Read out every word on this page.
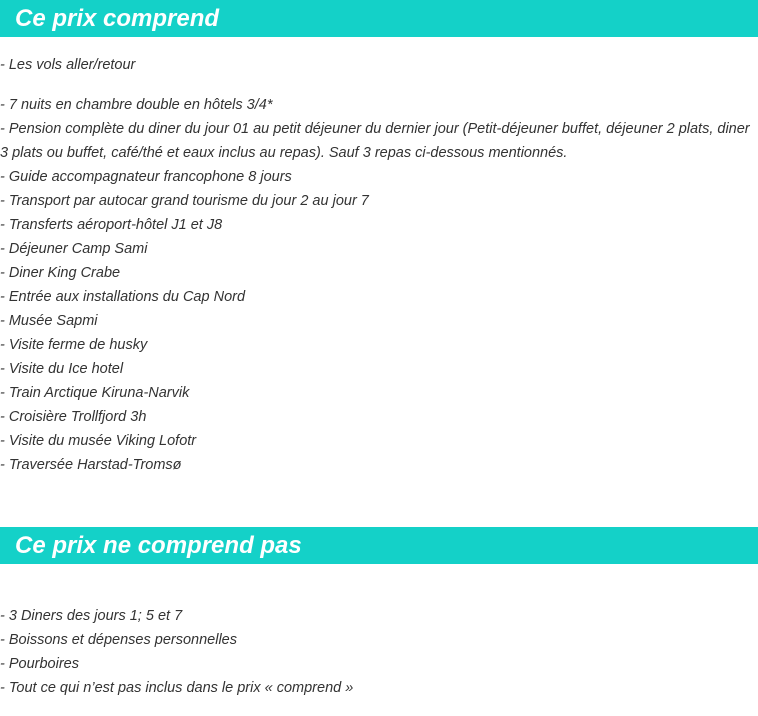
Ce prix comprend
- Les vols aller/retour
- 7 nuits en chambre double en hôtels 3/4*
- Pension complète du diner du jour 01 au petit déjeuner du dernier jour (Petit-déjeuner buffet, déjeuner 2 plats, diner 3 plats ou buffet, café/thé et eaux inclus au repas). Sauf 3 repas ci-dessous mentionnés.
- Guide accompagnateur francophone 8 jours
- Transport par autocar grand tourisme du jour 2 au jour 7
- Transferts aéroport-hôtel J1 et J8
- Déjeuner Camp Sami
- Diner King Crabe
- Entrée aux installations du Cap Nord
- Musée Sapmi
- Visite ferme de husky
- Visite du Ice hotel
- Train Arctique Kiruna-Narvik
- Croisière Trollfjord 3h
- Visite du musée Viking Lofotr
- Traversée Harstad-Tromsø
Ce prix ne comprend pas
- 3 Diners des jours 1; 5 et 7
- Boissons et dépenses personnelles
- Pourboires
- Tout ce qui n’est pas inclus dans le prix « comprend »
